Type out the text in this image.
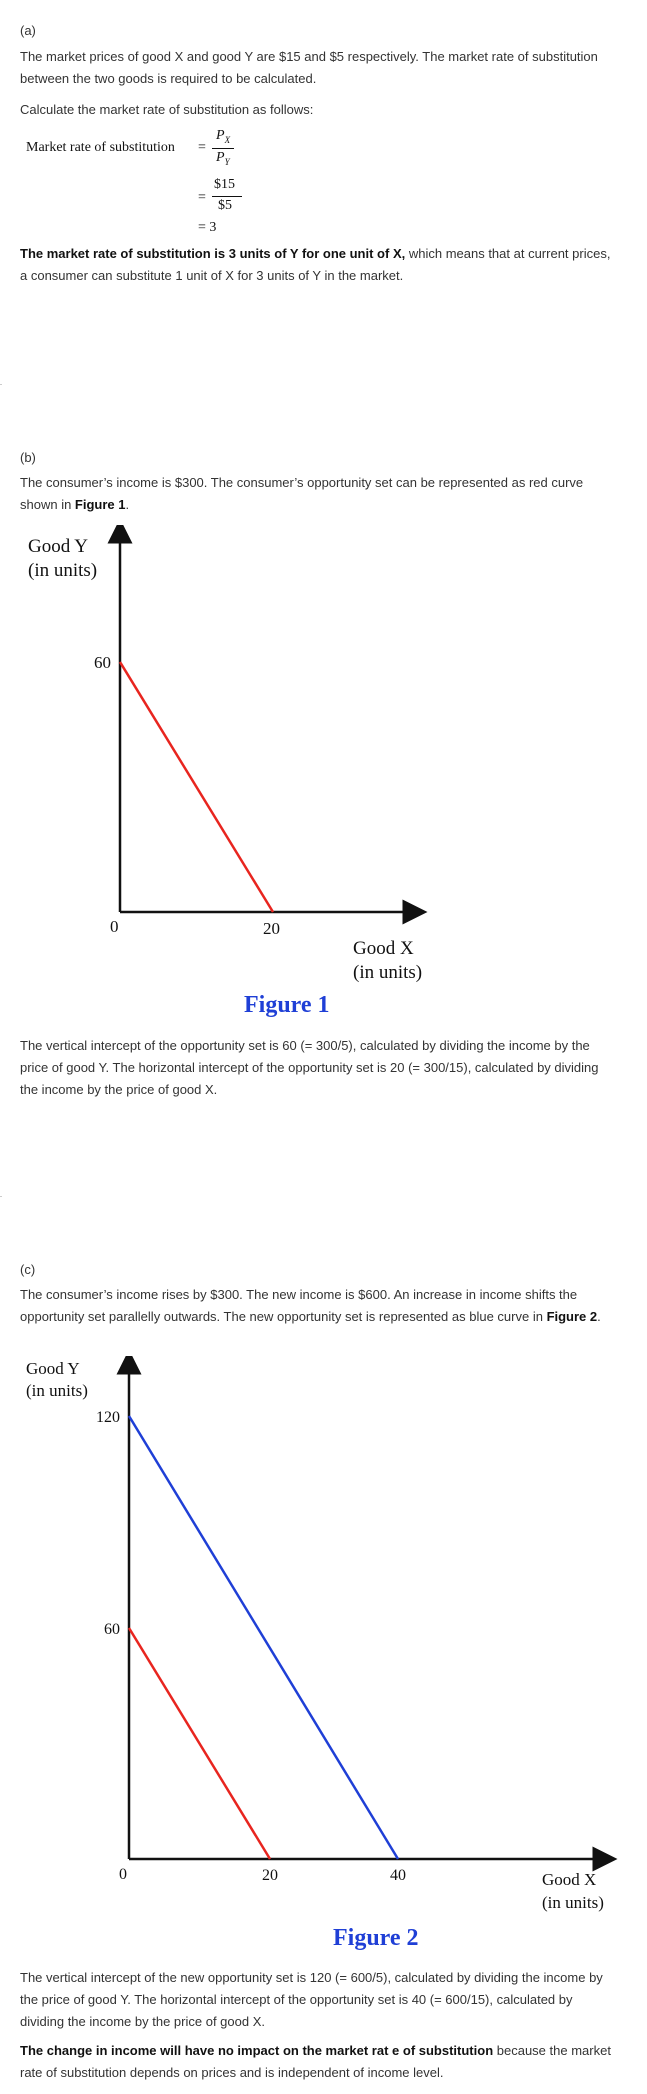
(a)

The market prices of good X and good Y are $15 and $5 respectively. The market rate of substitution between the two goods is required to be calculated.

Calculate the market rate of substitution as follows:

Market rate of substitution =
$P_X$
$P_Y$
=
$15
$5
= 3

The market rate of substitution is 3 units of Y for one unit of X, which means that at current prices, a consumer can substitute 1 unit of X for 3 units of Y in the market.

(b)

The consumer’s income is $300. The consumer’s opportunity set can be represented as red curve shown in Figure 1.

Good Y
(in units)
60
0	20
Good X
(in units)
Figure 1

The vertical intercept of the opportunity set is 60 (= 300/5), calculated by dividing the income by the price of good Y. The horizontal intercept of the opportunity set is 20 (= 300/15), calculated by dividing the income by the price of good X.

(c)

The consumer’s income rises by $300. The new income is $600. An increase in income shifts the opportunity set parallelly outwards. The new opportunity set is represented as blue curve in Figure 2.

Good Y
(in units)
120
60
0	20	40	Good X
(in units)
Figure 2

The vertical intercept of the new opportunity set is 120 (= 600/5), calculated by dividing the income by the price of good Y. The horizontal intercept of the opportunity set is 40 (= 600/15), calculated by dividing the income by the price of good X.

The change in income will have no impact on the market rat e of substitution because the market rate of substitution depends on prices and is independent of income level.
